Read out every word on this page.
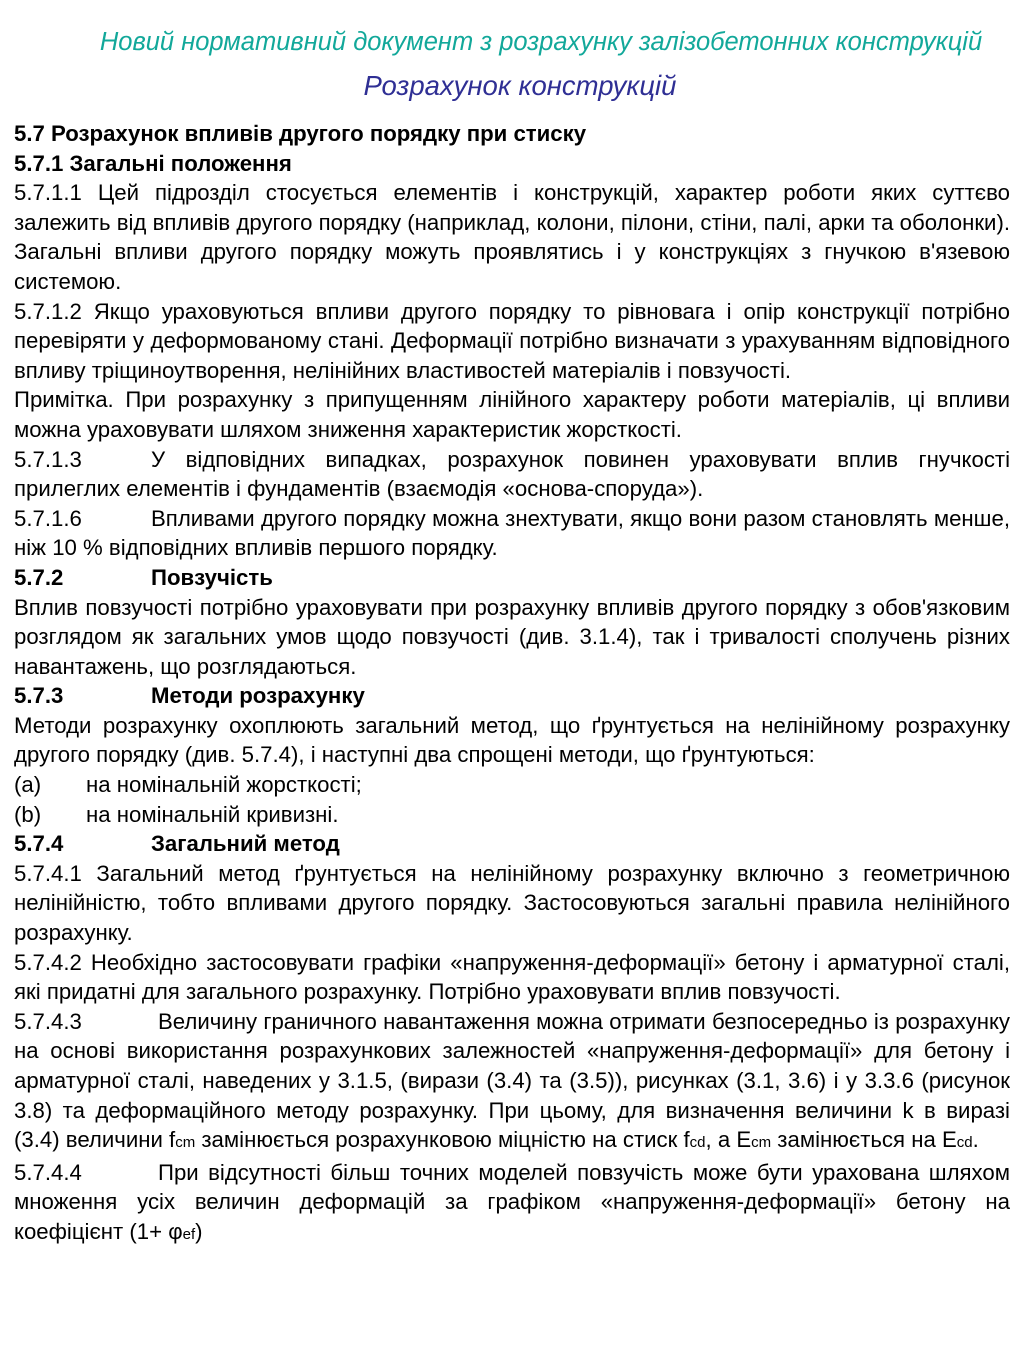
Новий нормативний документ з розрахунку залізобетонних конструкцій
Розрахунок конструкцій

5.7 Розрахунок впливів другого порядку при стиску

5.7.1 Загальні положення

5.7.1.1 Цей підрозділ стосується елементів і конструкцій, характер роботи яких суттєво залежить від впливів другого порядку (наприклад, колони, пілони, стіни, палі, арки та оболонки). Загальні впливи другого порядку можуть проявлятись і у конструкціях з гнучкою в'язевою системою.

5.7.1.2 Якщо ураховуються впливи другого порядку то рівновага і опір конструкції потрібно перевіряти у деформованому стані. Деформації потрібно визначати з урахуванням відповідного впливу тріщиноутворення, нелінійних властивостей матеріалів і повзучості.

Примітка. При розрахунку з припущенням лінійного характеру роботи матеріалів, ці впливи можна ураховувати шляхом зниження характеристик жорсткості.

5.7.1.3	У відповідних випадках, розрахунок повинен ураховувати вплив гнучкості прилеглих елементів і фундаментів (взаємодія «основа-споруда»).

5.7.1.6	Впливами другого порядку можна знехтувати, якщо вони разом становлять менше, ніж 10 % відповідних впливів першого порядку.

5.7.2	Повзучість

Вплив повзучості потрібно ураховувати при розрахунку впливів другого порядку з обов'язковим розглядом як загальних умов щодо повзучості (див. 3.1.4), так і тривалості сполучень різних навантажень, що розглядаються.

5.7.3	Методи розрахунку

Методи розрахунку охоплюють загальний метод, що ґрунтується на нелінійному розрахунку другого порядку (див. 5.7.4), і наступні два спрощені методи, що ґрунтуються:

(a) на номінальній жорсткості;

(b) на номінальній кривизні.

5.7.4	Загальний метод

5.7.4.1 Загальний метод ґрунтується на нелінійному розрахунку включно з геометричною нелінійністю, тобто впливами другого порядку. Застосовуються загальні правила нелінійного розрахунку.

5.7.4.2 Необхідно застосовувати графіки «напруження-деформації» бетону і арматурної сталі, які придатні для загального розрахунку. Потрібно ураховувати вплив повзучості.

5.7.4.3	Величину граничного навантаження можна отримати безпосередньо із розрахунку на основі використання розрахункових залежностей «напруження-деформації» для бетону і арматурної сталі, наведених у 3.1.5, (вирази (3.4) та (3.5)), рисунках (3.1, 3.6) і у 3.3.6 (рисунок 3.8) та деформаційного методу розрахунку. При цьому, для визначення величини k в виразі (3.4) величини fcm замінюється розрахунковою міцністю на стиск fcd, а Ecm замінюється на Ecd.

5.7.4.4	При відсутності більш точних моделей повзучість може бути урахована шляхом множення усіх величин деформацій за графіком «напруження-деформації» бетону на коефіцієнт (1+ φef)
